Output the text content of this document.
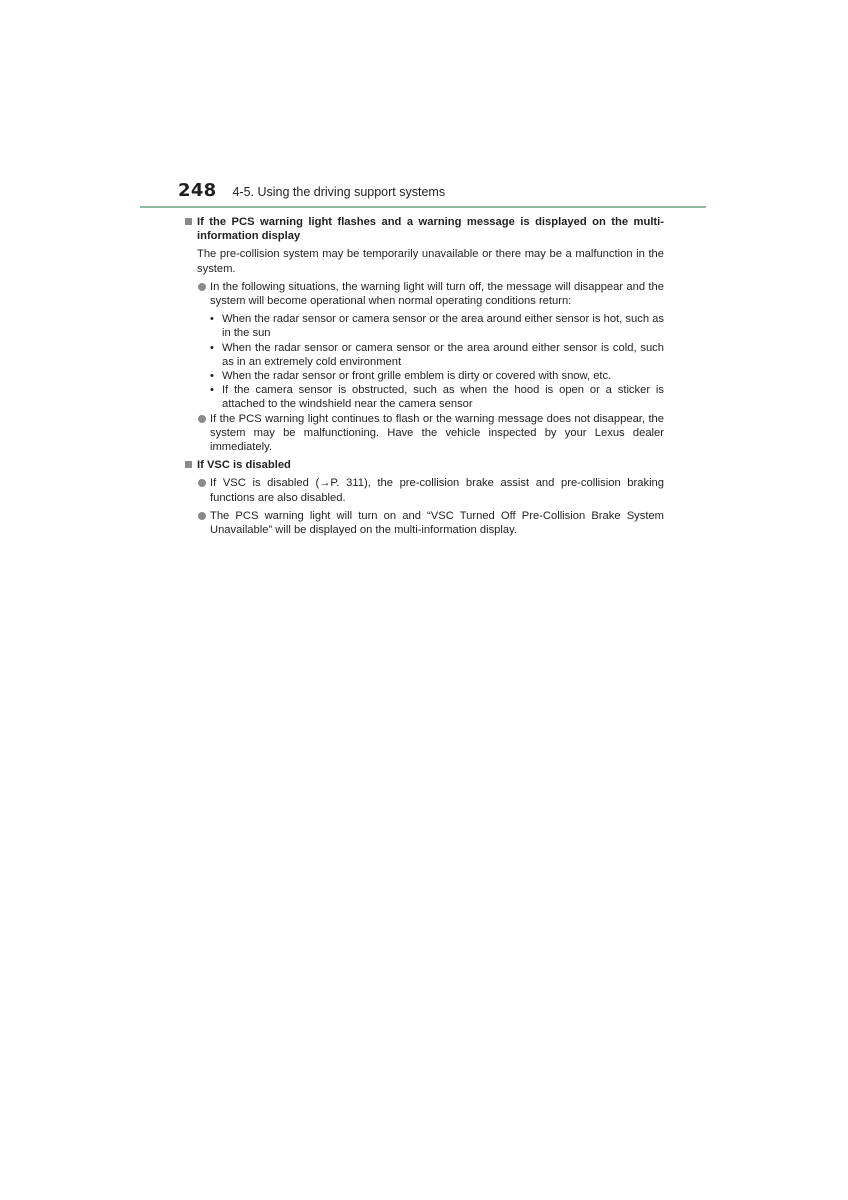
248 4-5. Using the driving support systems
If the PCS warning light flashes and a warning message is displayed on the multi-information display
The pre-collision system may be temporarily unavailable or there may be a malfunction in the system.
In the following situations, the warning light will turn off, the message will disappear and the system will become operational when normal operating conditions return:
• When the radar sensor or camera sensor or the area around either sensor is hot, such as in the sun
• When the radar sensor or camera sensor or the area around either sensor is cold, such as in an extremely cold environment
• When the radar sensor or front grille emblem is dirty or covered with snow, etc.
• If the camera sensor is obstructed, such as when the hood is open or a sticker is attached to the windshield near the camera sensor
If the PCS warning light continues to flash or the warning message does not disappear, the system may be malfunctioning. Have the vehicle inspected by your Lexus dealer immediately.
If VSC is disabled
If VSC is disabled (→P. 311), the pre-collision brake assist and pre-collision braking functions are also disabled.
The PCS warning light will turn on and “VSC Turned Off Pre-Collision Brake System Unavailable” will be displayed on the multi-information display.
